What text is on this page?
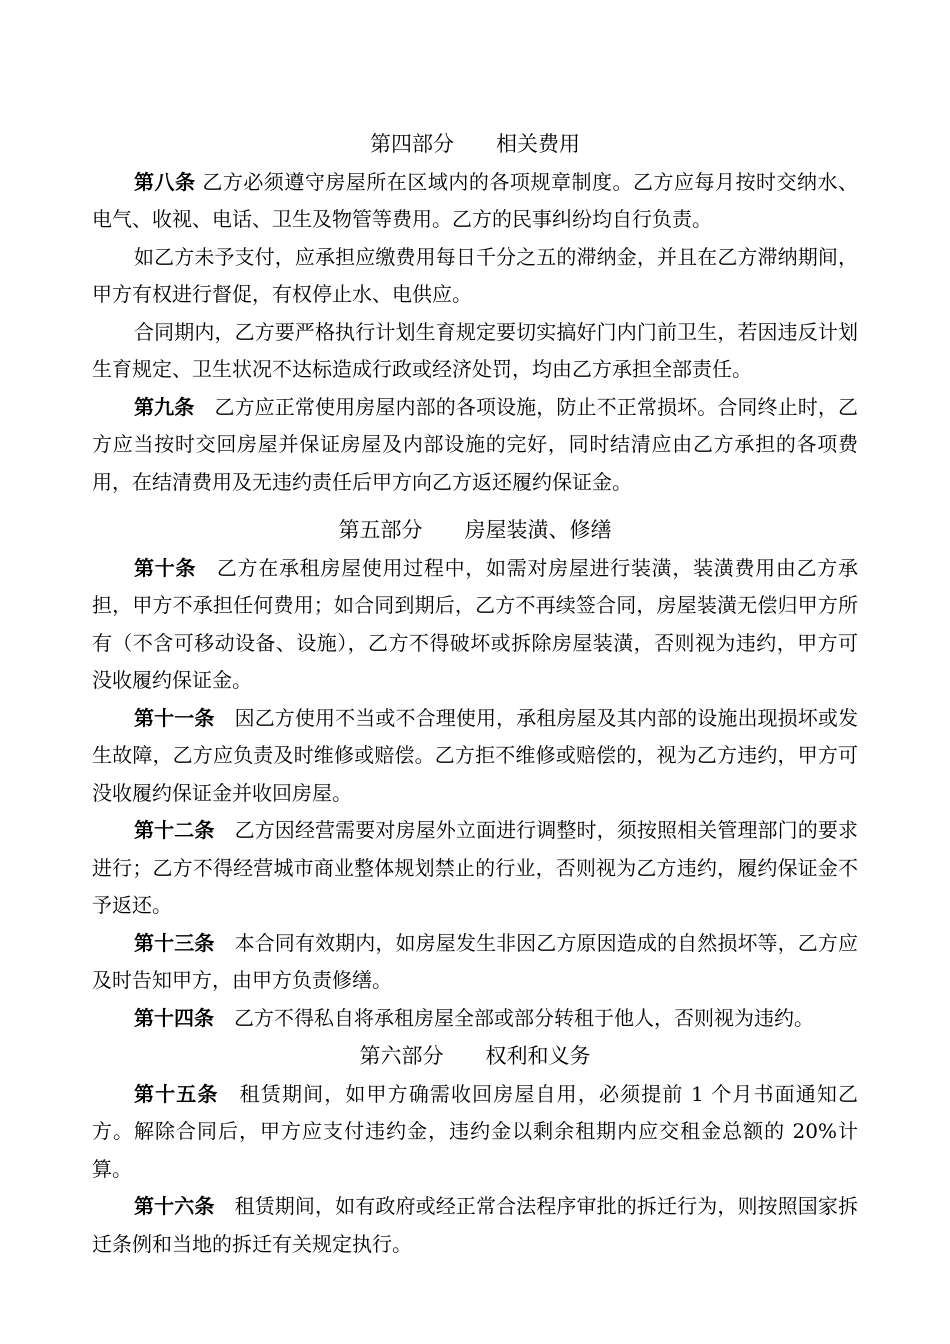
第四部分　　相关费用

第八条 乙方必须遵守房屋所在区域内的各项规章制度。乙方应每月按时交纳水、电气、收视、电话、卫生及物管等费用。乙方的民事纠纷均自行负责。

如乙方未予支付，应承担应缴费用每日千分之五的滞纳金，并且在乙方滞纳期间，甲方有权进行督促，有权停止水、电供应。

合同期内，乙方要严格执行计划生育规定要切实搞好门内门前卫生，若因违反计划生育规定、卫生状况不达标造成行政或经济处罚，均由乙方承担全部责任。

第九条　乙方应正常使用房屋内部的各项设施，防止不正常损坏。合同终止时，乙方应当按时交回房屋并保证房屋及内部设施的完好，同时结清应由乙方承担的各项费用，在结清费用及无违约责任后甲方向乙方返还履约保证金。

第五部分　　房屋装潢、修缮

第十条　乙方在承租房屋使用过程中，如需对房屋进行装潢，装潢费用由乙方承担，甲方不承担任何费用；如合同到期后，乙方不再续签合同，房屋装潢无偿归甲方所有（不含可移动设备、设施），乙方不得破坏或拆除房屋装潢，否则视为违约，甲方可没收履约保证金。

第十一条　因乙方使用不当或不合理使用，承租房屋及其内部的设施出现损坏或发生故障，乙方应负责及时维修或赔偿。乙方拒不维修或赔偿的，视为乙方违约，甲方可没收履约保证金并收回房屋。

第十二条　乙方因经营需要对房屋外立面进行调整时，须按照相关管理部门的要求进行；乙方不得经营城市商业整体规划禁止的行业，否则视为乙方违约，履约保证金不予返还。

第十三条　本合同有效期内，如房屋发生非因乙方原因造成的自然损坏等，乙方应及时告知甲方，由甲方负责修缮。

第十四条　乙方不得私自将承租房屋全部或部分转租于他人，否则视为违约。

第六部分　　权利和义务

第十五条　租赁期间，如甲方确需收回房屋自用，必须提前 1 个月书面通知乙方。解除合同后，甲方应支付违约金，违约金以剩余租期内应交租金总额的 20%计算。

第十六条　租赁期间，如有政府或经正常合法程序审批的拆迁行为，则按照国家拆迁条例和当地的拆迁有关规定执行。
